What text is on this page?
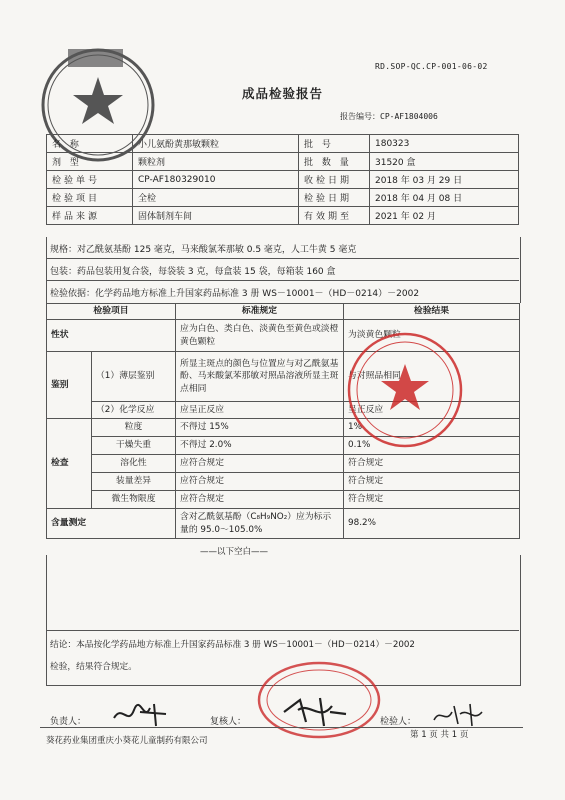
RD.SOP-QC.CP-001-06-02
成品检验报告
报告编号：CP-AF1804006
名 称	小儿氨酚黄那敏颗粒	批 号	180323
剂 型	颗粒剂	批 数 量	31520 盒
检验单号	CP-AF180329010	收检日期	2018 年 03 月 29 日
检验项目	全检	检验日期	2018 年 04 月 08 日
样品来源	固体制剂车间	有效期至	2021 年 02 月
规格：对乙酰氨基酚 125 毫克，马来酸氯苯那敏 0.5 毫克，人工牛黄 5 毫克
包装：药品包装用复合袋，每袋装 3 克，每盒装 15 袋，每箱装 160 盒
检验依据：化学药品地方标准上升国家药品标准 3 册 WS－10001－（HD－0214）－2002
检验项目		标准规定	检验结果
性状		应为白色、类白色、淡黄色至黄色或淡橙黄色颗粒	为淡黄色颗粒
鉴别	（1）薄层鉴别	所显主斑点的颜色与位置应与对乙酰氨基酚、马来酸氯苯那敏对照品溶液所显主斑点相同	与对照品相同
	（2）化学反应	应呈正反应	呈正反应
检查	粒度	不得过 15%	1%
	干燥失重	不得过 2.0%	0.1%
	溶化性	应符合规定	符合规定
	装量差异	应符合规定	符合规定
	微生物限度	应符合规定	符合规定
含量测定		含对乙酰氨基酚（C₈H₉NO₂）应为标示量的 95.0～105.0%	98.2%
——以下空白——
结论：本品按化学药品地方标准上升国家药品标准 3 册 WS－10001－（HD－0214）－2002
检验，结果符合规定。
负责人：	复核人：	检验人：
葵花药业集团重庆小葵花儿童制药有限公司
第 1 页 共 1 页
